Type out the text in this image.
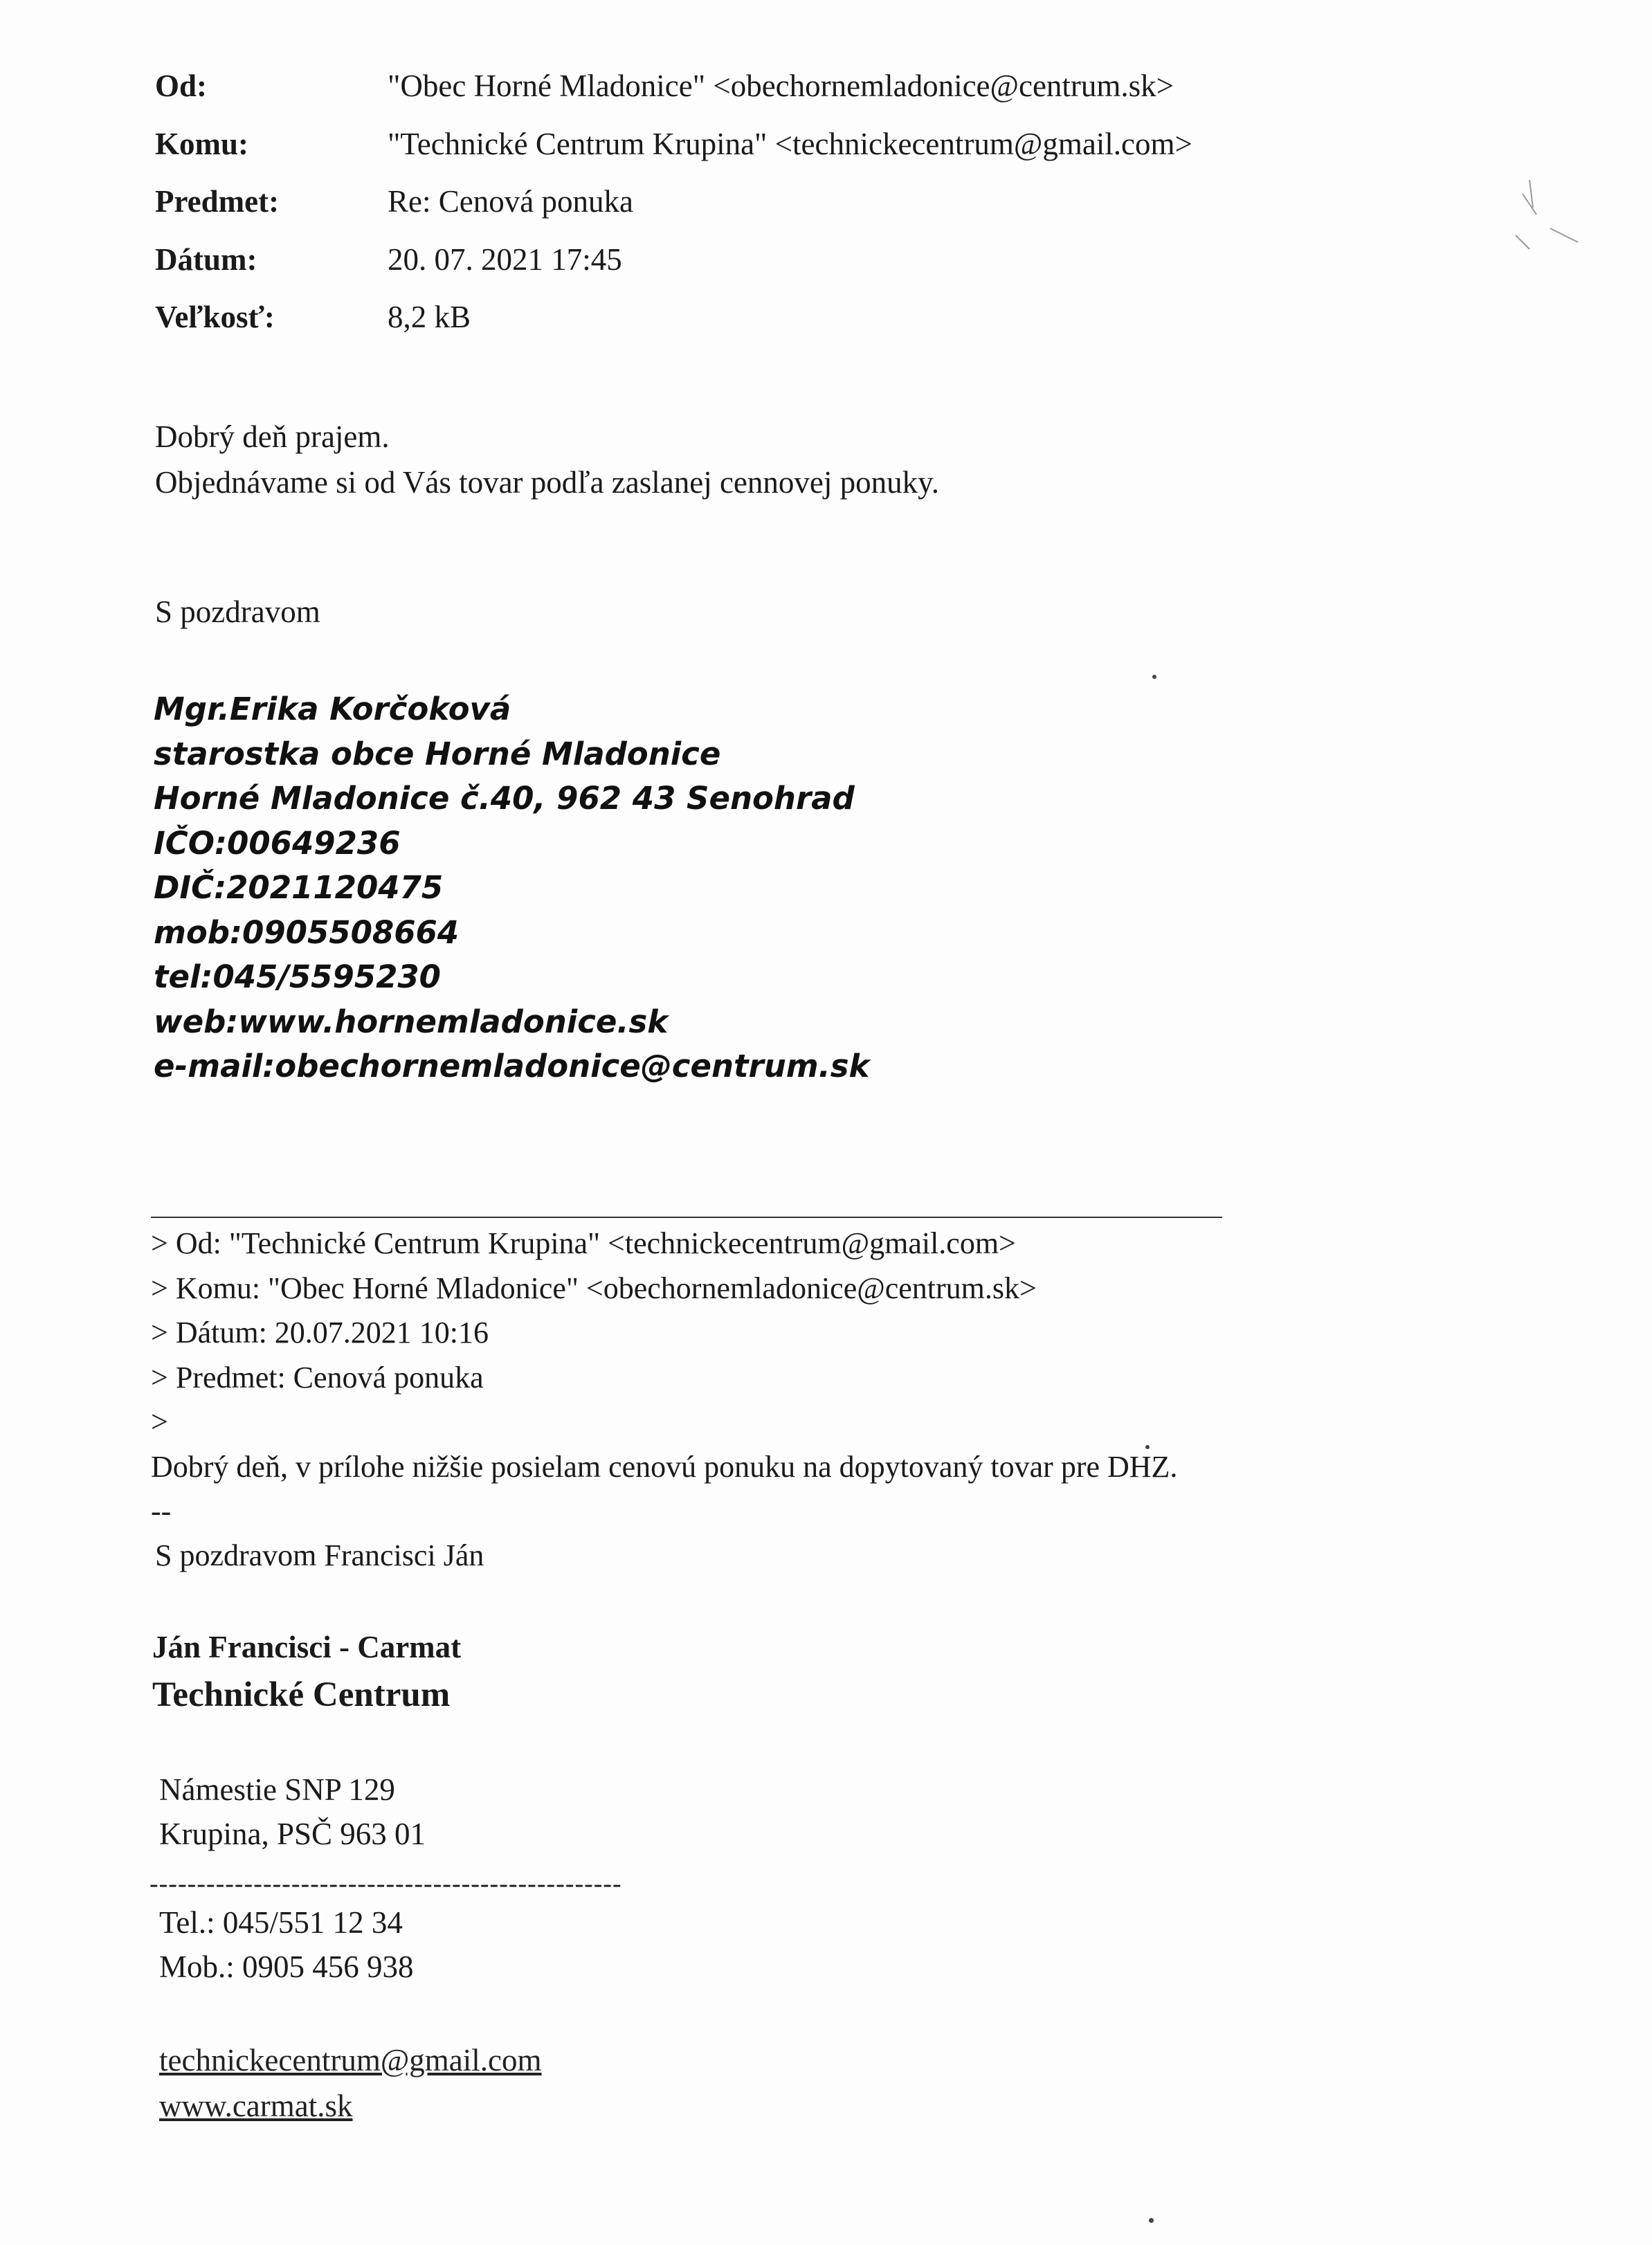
Od:	"Obec Horné Mladonice" <obechornemladonice@centrum.sk>
Komu:	"Technické Centrum Krupina" <technickecentrum@gmail.com>
Predmet:	Re: Cenová ponuka
Dátum:	20. 07. 2021 17:45
Veľkosť:	8,2 kB
Dobrý deň prajem.
Objednávame si od Vás tovar podľa zaslanej cennovej ponuky.
S pozdravom
Mgr.Erika Korčoková
starostka obce Horné Mladonice
Horné Mladonice č.40, 962 43 Senohrad
IČO:00649236
DIČ:2021120475
mob:0905508664
tel:045/5595230
web:www.hornemladonice.sk
e-mail:obechornemladonice@centrum.sk
> Od: "Technické Centrum Krupina" <technickecentrum@gmail.com>
> Komu: "Obec Horné Mladonice" <obechornemladonice@centrum.sk>
> Dátum: 20.07.2021 10:16
> Predmet: Cenová ponuka
>
Dobrý deň, v prílohe nižšie posielam cenovú ponuku na dopytovaný tovar pre DHZ.
--
S pozdravom Francisci Ján
Ján Francisci - Carmat
Technické Centrum
Námestie SNP 129
Krupina, PSČ 963 01
--------------------------------------------------
Tel.: 045/551 12 34
Mob.: 0905 456 938
technickecentrum@gmail.com
www.carmat.sk
